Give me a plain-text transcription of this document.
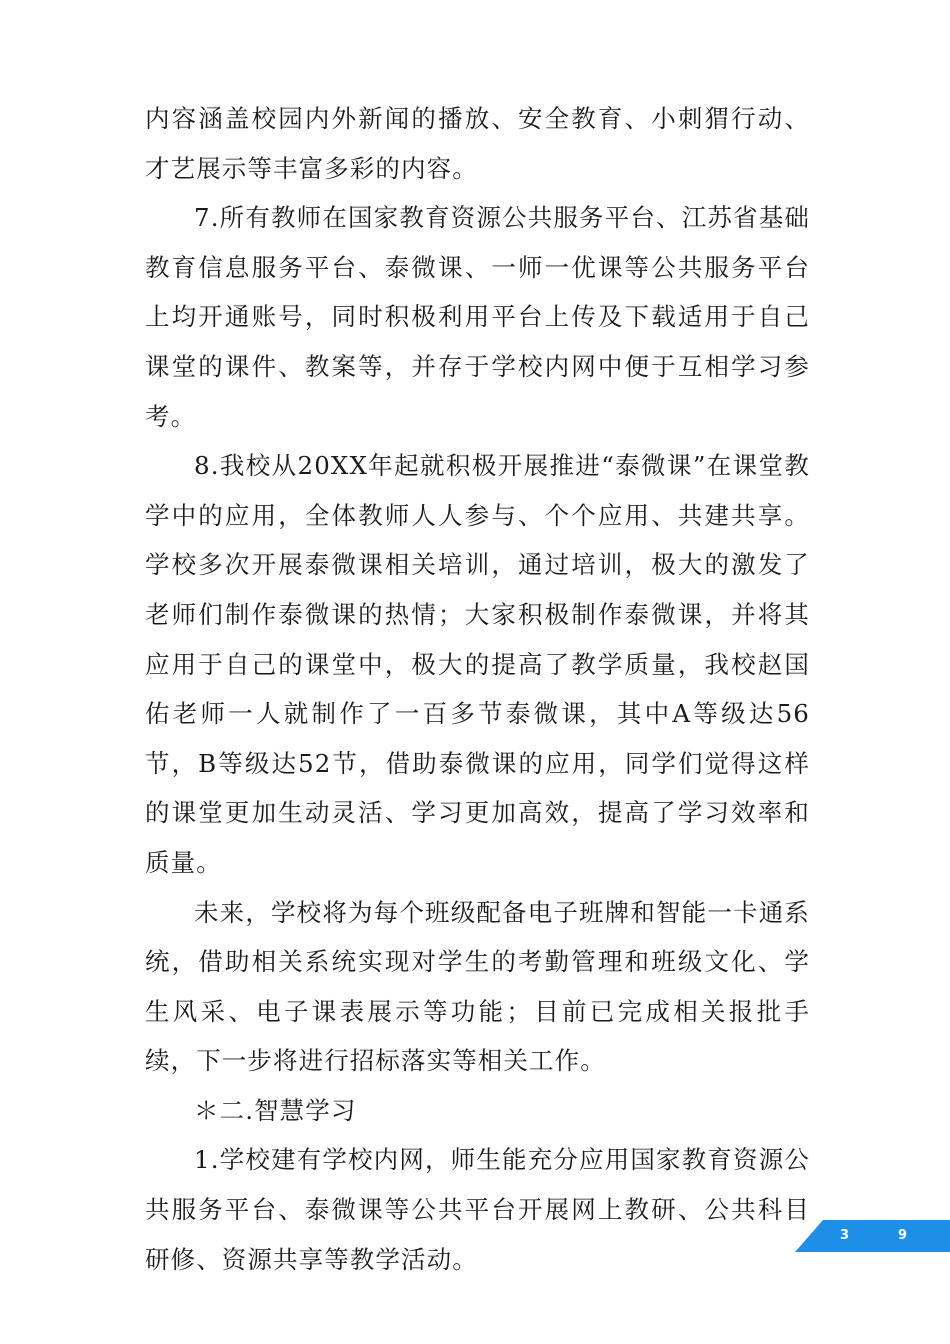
内容涵盖校园内外新闻的播放、安全教育、小刺猬行动、才艺展示等丰富多彩的内容。

7.所有教师在国家教育资源公共服务平台、江苏省基础教育信息服务平台、泰微课、一师一优课等公共服务平台上均开通账号，同时积极利用平台上传及下载适用于自己课堂的课件、教案等，并存于学校内网中便于互相学习参考。

8.我校从20XX年起就积极开展推进“泰微课”在课堂教学中的应用，全体教师人人参与、个个应用、共建共享。学校多次开展泰微课相关培训，通过培训，极大的激发了老师们制作泰微课的热情；大家积极制作泰微课，并将其应用于自己的课堂中，极大的提高了教学质量，我校赵国佑老师一人就制作了一百多节泰微课，其中A等级达56节，B等级达52节，借助泰微课的应用，同学们觉得这样的课堂更加生动灵活、学习更加高效，提高了学习效率和质量。

未来，学校将为每个班级配备电子班牌和智能一卡通系统，借助相关系统实现对学生的考勤管理和班级文化、学生风采、电子课表展示等功能；目前已完成相关报批手续，下一步将进行招标落实等相关工作。

＊二.智慧学习

1.学校建有学校内网，师生能充分应用国家教育资源公共服务平台、泰微课等公共平台开展网上教研、公共科目研修、资源共享等教学活动。

3	9
